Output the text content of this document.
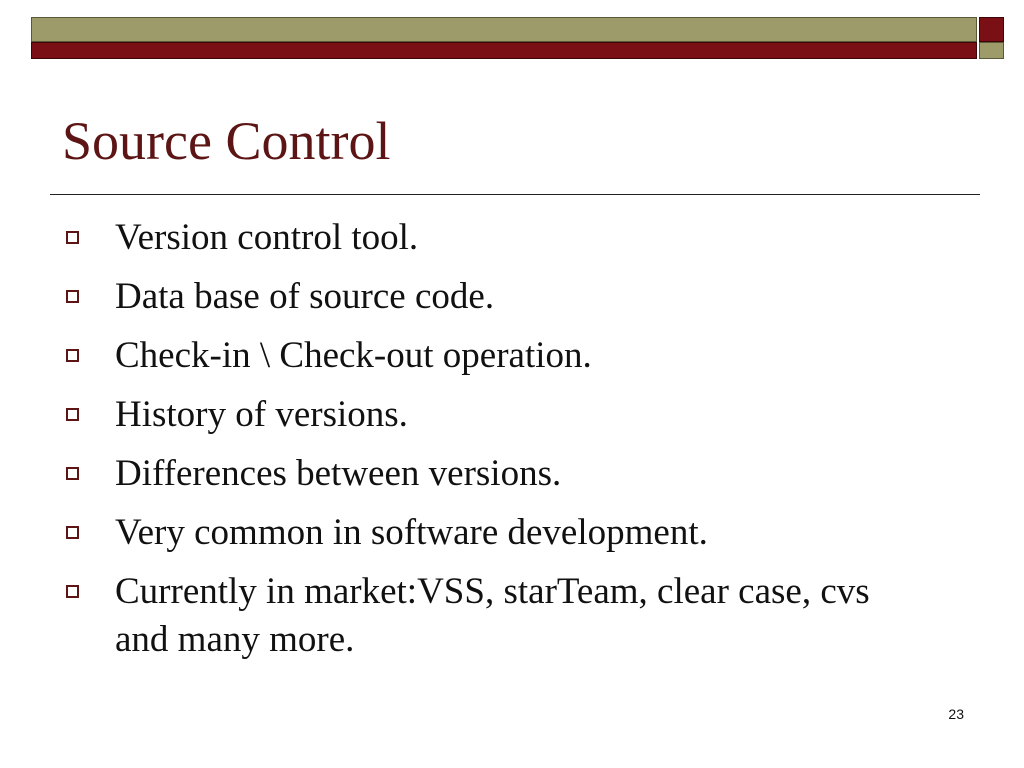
Source Control
Version control tool.
Data base of source code.
Check-in \ Check-out operation.
History of versions.
Differences between versions.
Very common in software development.
Currently in market:VSS, starTeam, clear case, cvs and many more.
23
